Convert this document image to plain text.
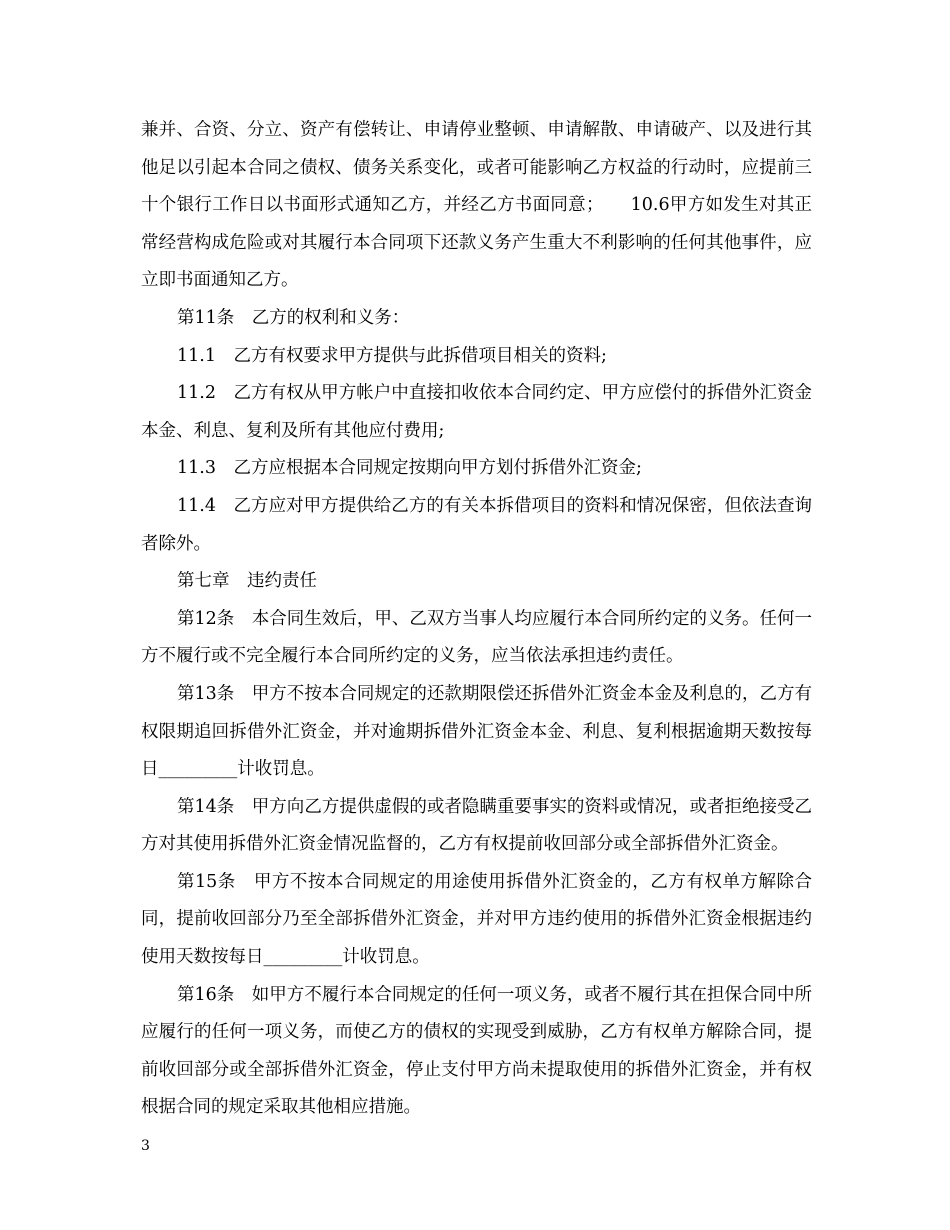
兼并、合资、分立、资产有偿转让、申请停业整顿、申请解散、申请破产、以及进行其他足以引起本合同之债权、债务关系变化，或者可能影响乙方权益的行动时，应提前三十个银行工作日以书面形式通知乙方，并经乙方书面同意；　　10.6甲方如发生对其正常经营构成危险或对其履行本合同项下还款义务产生重大不利影响的任何其他事件，应立即书面通知乙方。

第11条　乙方的权利和义务：

11.1　乙方有权要求甲方提供与此拆借项目相关的资料;

11.2　乙方有权从甲方帐户中直接扣收依本合同约定、甲方应偿付的拆借外汇资金本金、利息、复利及所有其他应付费用;

11.3　乙方应根据本合同规定按期向甲方划付拆借外汇资金;

11.4　乙方应对甲方提供给乙方的有关本拆借项目的资料和情况保密，但依法查询者除外。

第七章　违约责任

第12条　本合同生效后，甲、乙双方当事人均应履行本合同所约定的义务。任何一方不履行或不完全履行本合同所约定的义务，应当依法承担违约责任。

第13条　甲方不按本合同规定的还款期限偿还拆借外汇资金本金及利息的，乙方有权限期追回拆借外汇资金，并对逾期拆借外汇资金本金、利息、复利根据逾期天数按每日_________计收罚息。

第14条　甲方向乙方提供虚假的或者隐瞒重要事实的资料或情况，或者拒绝接受乙方对其使用拆借外汇资金情况监督的，乙方有权提前收回部分或全部拆借外汇资金。

第15条　甲方不按本合同规定的用途使用拆借外汇资金的，乙方有权单方解除合同，提前收回部分乃至全部拆借外汇资金，并对甲方违约使用的拆借外汇资金根据违约使用天数按每日_________计收罚息。

第16条　如甲方不履行本合同规定的任何一项义务，或者不履行其在担保合同中所应履行的任何一项义务，而使乙方的债权的实现受到威胁，乙方有权单方解除合同，提前收回部分或全部拆借外汇资金，停止支付甲方尚未提取使用的拆借外汇资金，并有权根据合同的规定采取其他相应措施。

3
